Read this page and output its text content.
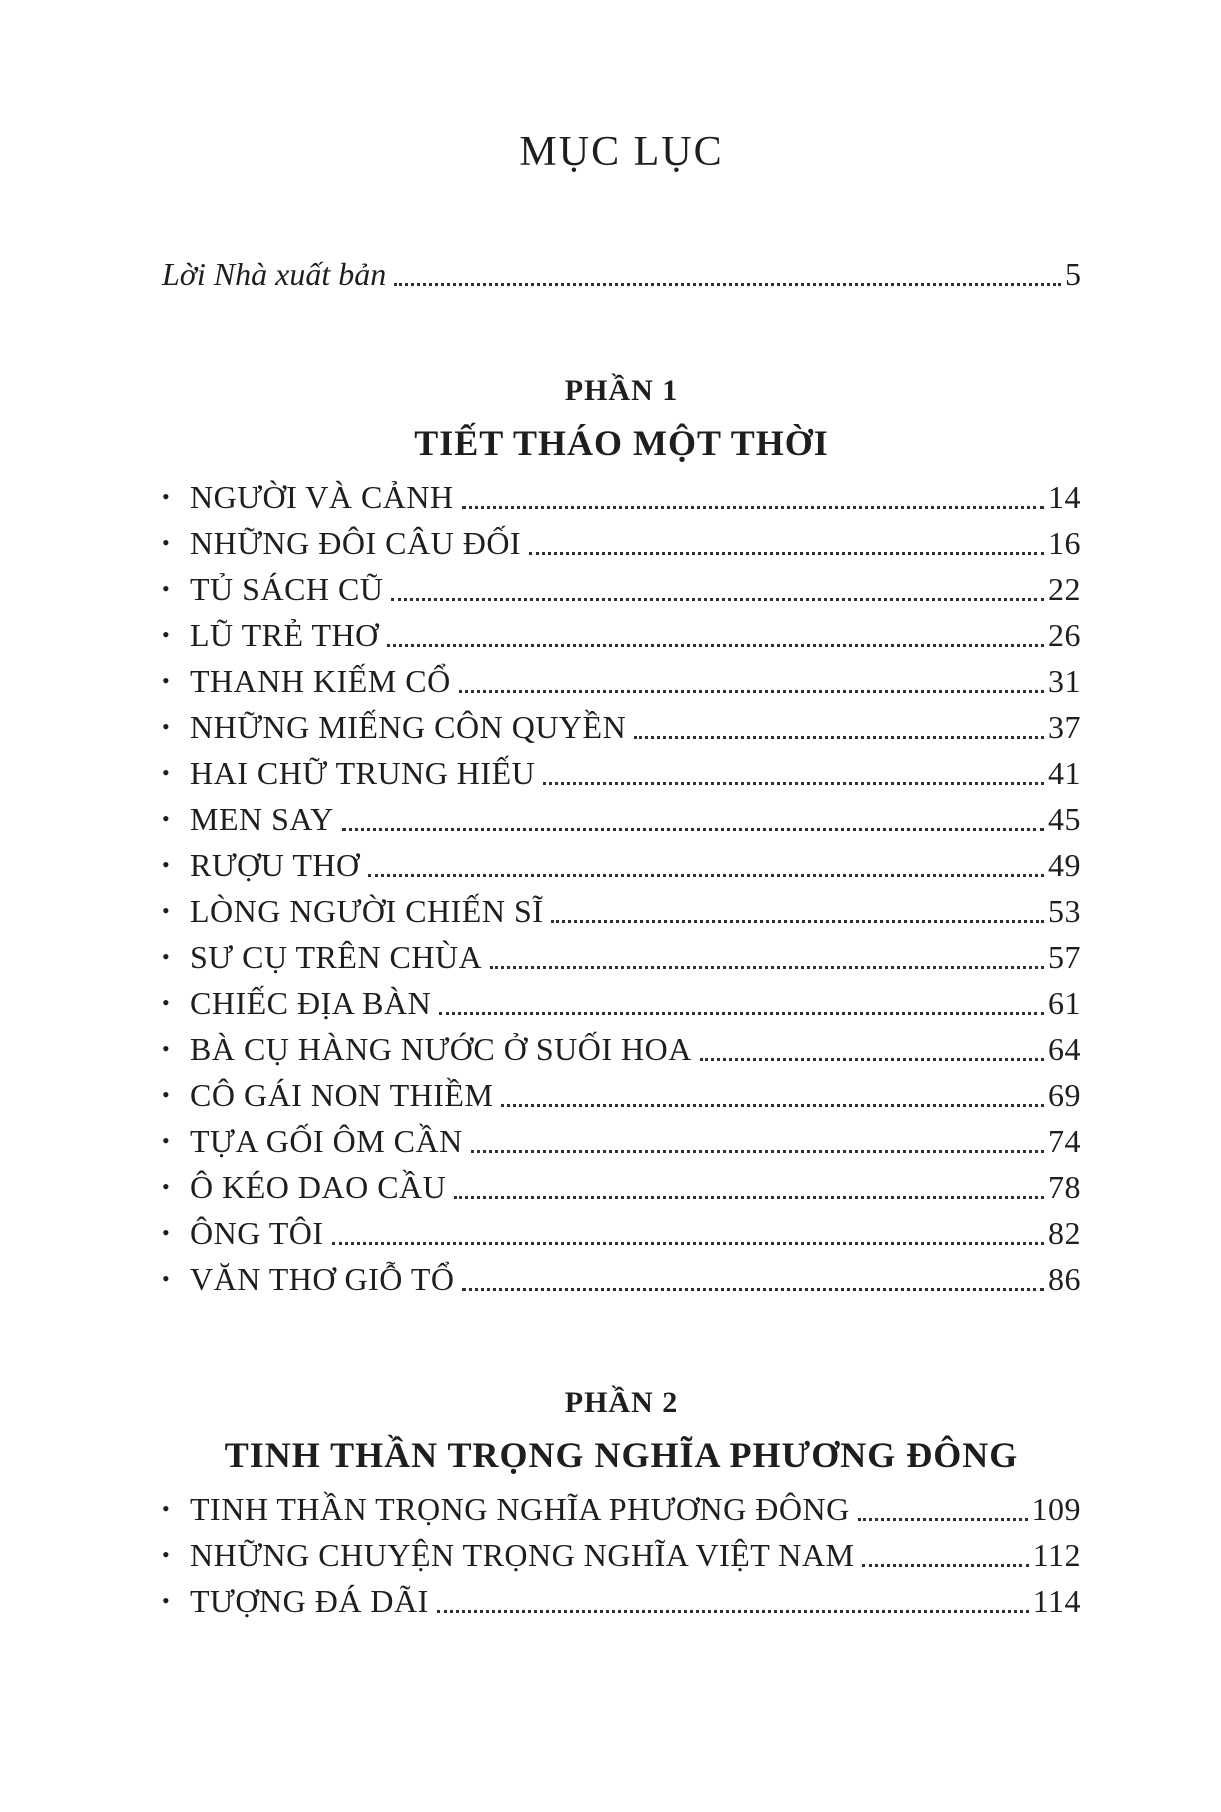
MỤC LỤC
Lời Nhà xuất bản	5
PHẦN 1
TIẾT THÁO MỘT THỜI
• NGƯỜI VÀ CẢNH	14
• NHỮNG ĐÔI CÂU ĐỐI	16
• TỦ SÁCH CŨ	22
• LŨ TRẺ THƠ	26
• THANH KIẾM CỔ	31
• NHỮNG MIẾNG CÔN QUYỀN	37
• HAI CHỮ TRUNG HIẾU	41
• MEN SAY	45
• RƯỢU THƠ	49
• LÒNG NGƯỜI CHIẾN SĨ	53
• SƯ CỤ TRÊN CHÙA	57
• CHIẾC ĐỊA BÀN	61
• BÀ CỤ HÀNG NƯỚC Ở SUỐI HOA	64
• CÔ GÁI NON THIỀM	69
• TỰA GỐI ÔM CẦN	74
• Ô KÉO DAO CẦU	78
• ÔNG TÔI	82
• VĂN THƠ GIỖ TỔ	86
PHẦN 2
TINH THẦN TRỌNG NGHĨA PHƯƠNG ĐÔNG
• TINH THẦN TRỌNG NGHĨA PHƯƠNG ĐÔNG	109
• NHỮNG CHUYỆN TRỌNG NGHĨA VIỆT NAM	112
• TƯỢNG ĐÁ DÃI	114
